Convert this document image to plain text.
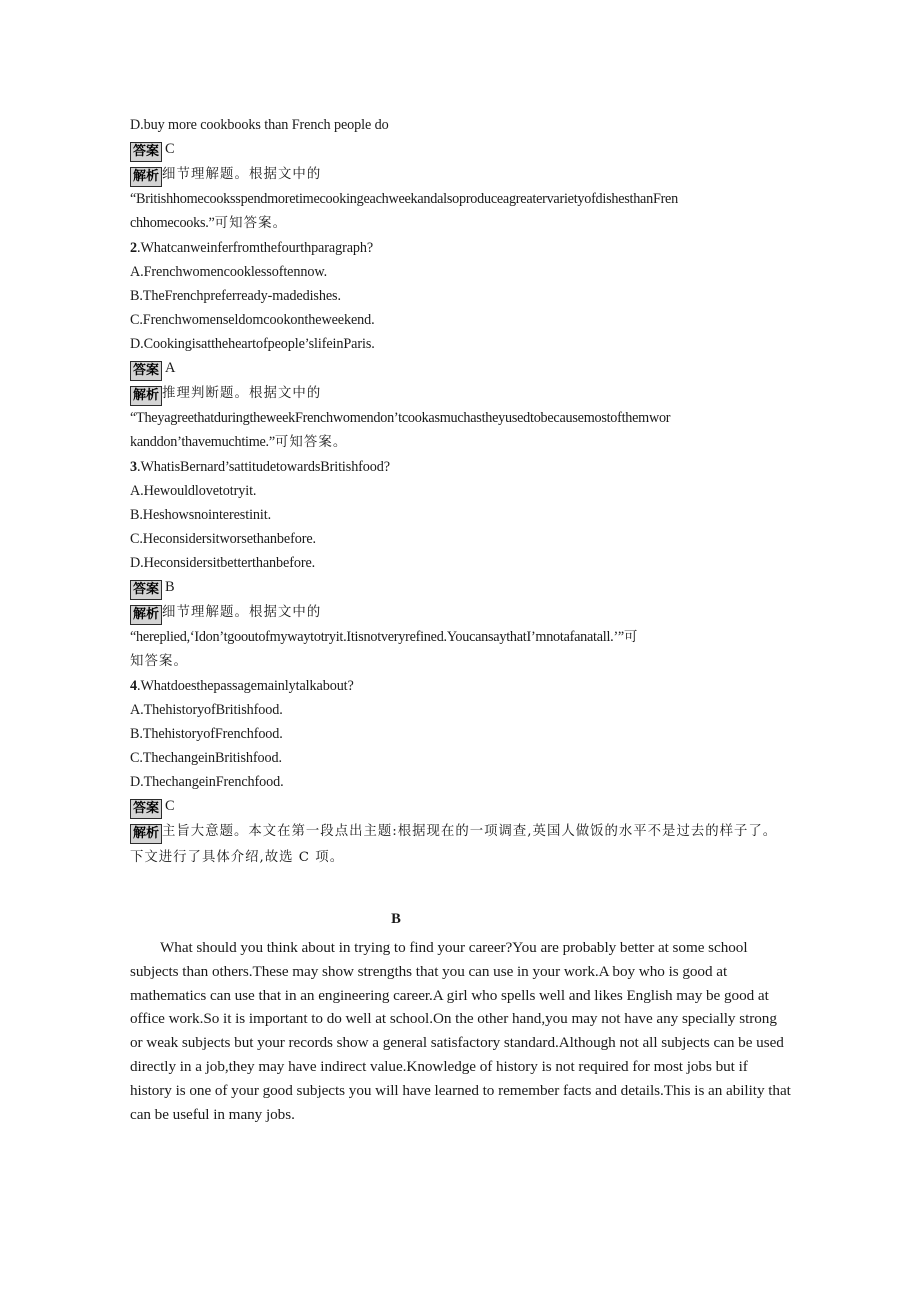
D.buy more cookbooks than French people do
答案 C
解析 细节理解题。根据文中的
“BritishhomecooksspendmoretimecookingeachweekandalsoproduceagreatervarietyofdishesthanFren
chhomecooks.”可知答案。
2.Whatcanweinferfromthefourthparagraph?
A.Frenchwomencooklessoftennow.
B.TheFrenchpreferready-madedishes.
C.Frenchwomenseldomcookontheweekend.
D.Cookingisattheheartofpeople’slifeinParis.
答案 A
解析 推理判断题。根据文中的
“TheyagreethatduringtheweekFrenchwomendon’tcookasmuchastheyusedtobecausemostofthemwor
kanddon’thavemuchtime.”可知答案。
3.WhatisBernard’sattitudetowardsBritishfood?
A.Hewouldlovetotryit.
B.Heshowsnointerestinit.
C.Heconsidersitworsethanbefore.
D.Heconsidersitbetterthanbefore.
答案 B
解析 细节理解题。根据文中的
“hereplied,‘Idon’tgooutofmywaytotryit.Itisnotveryrefined.YoucansaythatI’mnotafanatall.’”可
知答案。
4.Whatdoesthepassagemainlytalkabout?
A.ThehistoryofBritishfood.
B.ThehistoryofFrenchfood.
C.ThechangeinBritishfood.
D.ThechangeinFrenchfood.
答案 C
解析 主旨大意题。本文在第一段点出主题:根据现在的一项调查,英国人做饭的水平不是过去的样子了。下文进行了具体介绍,故选 C 项。
B
What should you think about in trying to find your career?You are probably better at some school subjects than others.These may show strengths that you can use in your work.A boy who is good at mathematics can use that in an engineering career.A girl who spells well and likes English may be good at office work.So it is important to do well at school.On the other hand,you may not have any specially strong or weak subjects but your records show a general satisfactory standard.Although not all subjects can be used directly in a job,they may have indirect value.Knowledge of history is not required for most jobs but if history is one of your good subjects you will have learned to remember facts and details.This is an ability that can be useful in many jobs.
